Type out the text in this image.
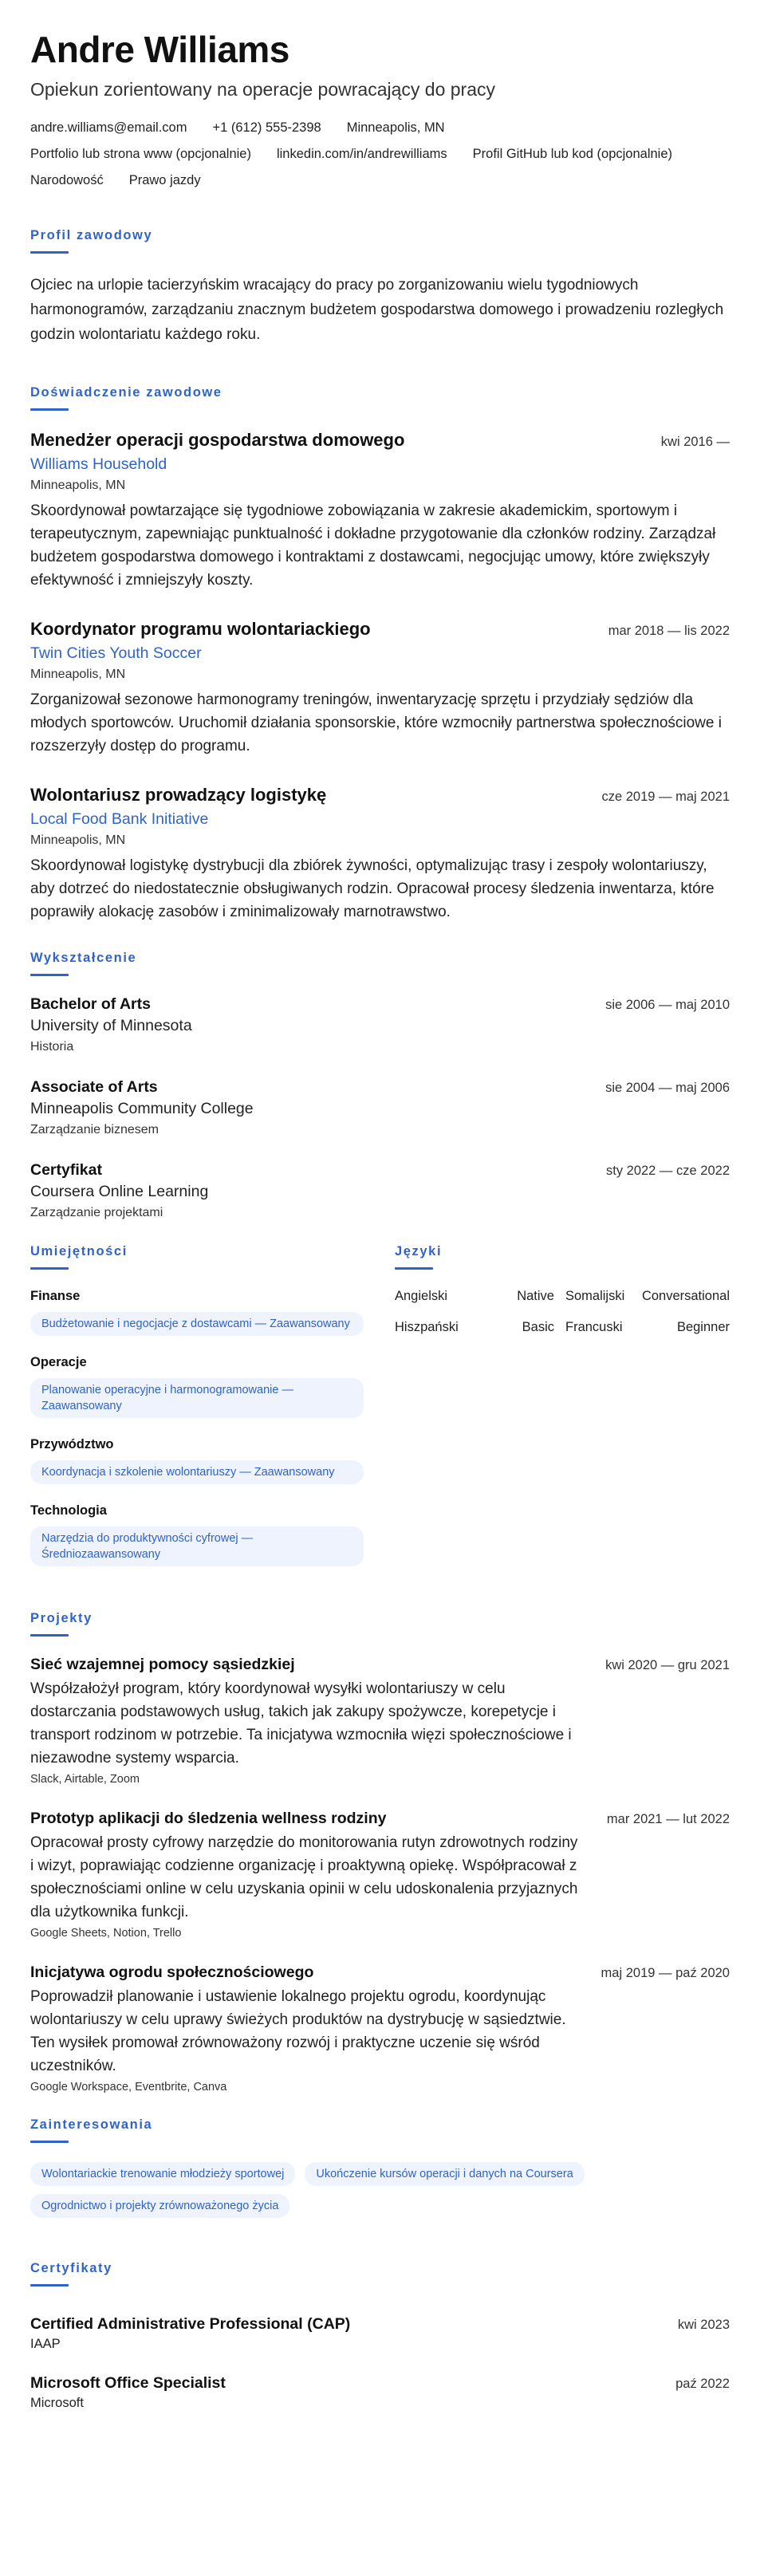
Andre Williams
Opiekun zorientowany na operacje powracający do pracy
andre.williams@email.com +1 (612) 555-2398 Minneapolis, MN
Portfolio lub strona www (opcjonalnie) linkedin.com/in/andrewilliams Profil GitHub lub kod (opcjonalnie)
Narodowość Prawo jazdy
Profil zawodowy

Ojciec na urlopie tacierzyńskim wracający do pracy po zorganizowaniu wielu tygodniowych harmonogramów, zarządzaniu znacznym budżetem gospodarstwa domowego i prowadzeniu rozległych godzin wolontariatu każdego roku.

Doświadczenie zawodowe
Menedżer operacji gospodarstwa domowego	kwi 2016 —
Williams Household
Minneapolis, MN

Skoordynował powtarzające się tygodniowe zobowiązania w zakresie akademickim, sportowym i terapeutycznym, zapewniając punktualność i dokładne przygotowanie dla członków rodziny. Zarządzał budżetem gospodarstwa domowego i kontraktami z dostawcami, negocjując umowy, które zwiększyły efektywność i zmniejszyły koszty.

Koordynator programu wolontariackiego	mar 2018 — lis 2022
Twin Cities Youth Soccer
Minneapolis, MN

Zorganizował sezonowe harmonogramy treningów, inwentaryzację sprzętu i przydziały sędziów dla młodych sportowców. Uruchomił działania sponsorskie, które wzmocniły partnerstwa społecznościowe i rozszerzyły dostęp do programu.

Wolontariusz prowadzący logistykę	cze 2019 — maj 2021
Local Food Bank Initiative
Minneapolis, MN

Skoordynował logistykę dystrybucji dla zbiórek żywności, optymalizując trasy i zespoły wolontariuszy, aby dotrzeć do niedostatecznie obsługiwanych rodzin. Opracował procesy śledzenia inwentarza, które poprawiły alokację zasobów i zminimalizowały marnotrawstwo.

Wykształcenie
Bachelor of Arts	sie 2006 — maj 2010
University of Minnesota
Historia
Associate of Arts	sie 2004 — maj 2006
Minneapolis Community College
Zarządzanie biznesem
Certyfikat	sty 2022 — cze 2022
Coursera Online Learning
Zarządzanie projektami
Umiejętności
Finanse
Budżetowanie i negocjacje z dostawcami — Zaawansowany
Operacje
Planowanie operacyjne i harmonogramowanie — Zaawansowany
Przywództwo
Koordynacja i szkolenie wolontariuszy — Zaawansowany
Technologia
Narzędzia do produktywności cyfrowej — Średniozaawansowany
Języki
Angielski	Native Somalijski	Conversational
Hiszpański	Basic Francuski	Beginner
Projekty
Sieć wzajemnej pomocy sąsiedzkiej	kwi 2020 — gru 2021

Współzałożył program, który koordynował wysyłki wolontariuszy w celu dostarczania podstawowych usług, takich jak zakupy spożywcze, korepetycje i transport rodzinom w potrzebie. Ta inicjatywa wzmocniła więzi społecznościowe i niezawodne systemy wsparcia.

Slack, Airtable, Zoom
Prototyp aplikacji do śledzenia wellness rodziny	mar 2021 — lut 2022

Opracował prosty cyfrowy narzędzie do monitorowania rutyn zdrowotnych rodziny i wizyt, poprawiając codzienne organizację i proaktywną opiekę. Współpracował z społecznościami online w celu uzyskania opinii w celu udoskonalenia przyjaznych dla użytkownika funkcji.

Google Sheets, Notion, Trello
Inicjatywa ogrodu społecznościowego	maj 2019 — paź 2020

Poprowadził planowanie i ustawienie lokalnego projektu ogrodu, koordynując wolontariuszy w celu uprawy świeżych produktów na dystrybucję w sąsiedztwie. Ten wysiłek promował zrównoważony rozwój i praktyczne uczenie się wśród uczestników.

Google Workspace, Eventbrite, Canva
Zainteresowania
Wolontariackie trenowanie młodzieży sportowej	Ukończenie kursów operacji i danych na Coursera
Ogrodnictwo i projekty zrównoważonego życia
Certyfikaty
Certified Administrative Professional (CAP)	kwi 2023
IAAP
Microsoft Office Specialist	paź 2022
Microsoft
